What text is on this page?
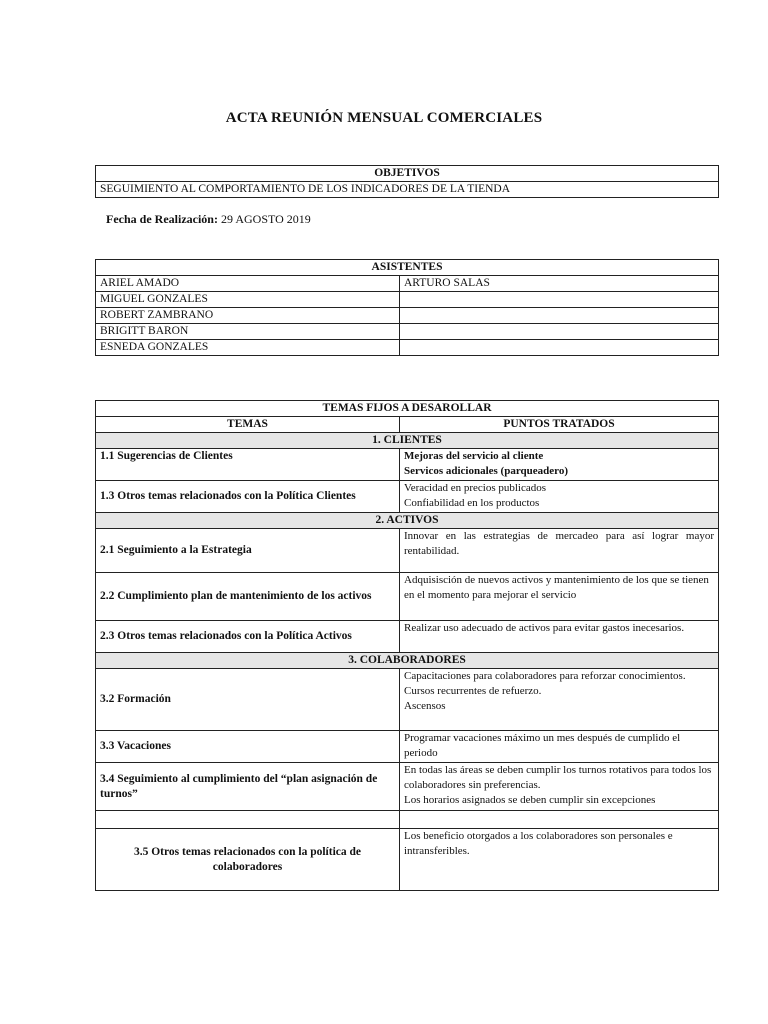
ACTA REUNIÓN MENSUAL COMERCIALES
OBJETIVOS
SEGUIMIENTO AL COMPORTAMIENTO DE LOS INDICADORES DE LA TIENDA
Fecha de Realización: 29 AGOSTO 2019
ASISTENTES	
ARIEL AMADO	ARTURO SALAS
MIGUEL GONZALES	
ROBERT ZAMBRANO	
BRIGITT BARON	
ESNEDA GONZALES	
TEMAS FIJOS A DESAROLLAR	
TEMAS	PUNTOS TRATADOS
1. CLIENTES	
1.1 Sugerencias de Clientes	Mejoras del servicio al cliente
Servicos adicionales (parqueadero)

1.3 Otros temas relacionados con la Política Clientes	Veracidad en precios publicados
Confiabilidad en los productos

2. ACTIVOS	
2.1 Seguimiento a la Estrategia	Innovar en las estrategias de mercadeo para así lograr mayor rentabilidad.
2.2 Cumplimiento plan de mantenimiento de los activos	Adquisisción de nuevos activos y mantenimiento de los que se tienen en el momento para mejorar el servicio
2.3 Otros temas relacionados con la Política Activos	Realizar uso adecuado de activos para evitar gastos inecesarios.
3. COLABORADORES	
3.2 Formación	Capacitaciones para colaboradores para reforzar conocimientos.
Cursos recurrentes de refuerzo.
Ascensos

3.3 Vacaciones	Programar vacaciones máximo un mes después de cumplido el periodo
3.4 Seguimiento al cumplimiento del “plan asignación de turnos”	En todas las áreas se deben cumplir los turnos rotativos para todos los colaboradores sin preferencias.
Los horarios asignados se deben cumplir sin excepciones

3.5 Otros temas relacionados con la política de colaboradores	Los beneficio otorgados a los colaboradores son personales e intransferibles.
